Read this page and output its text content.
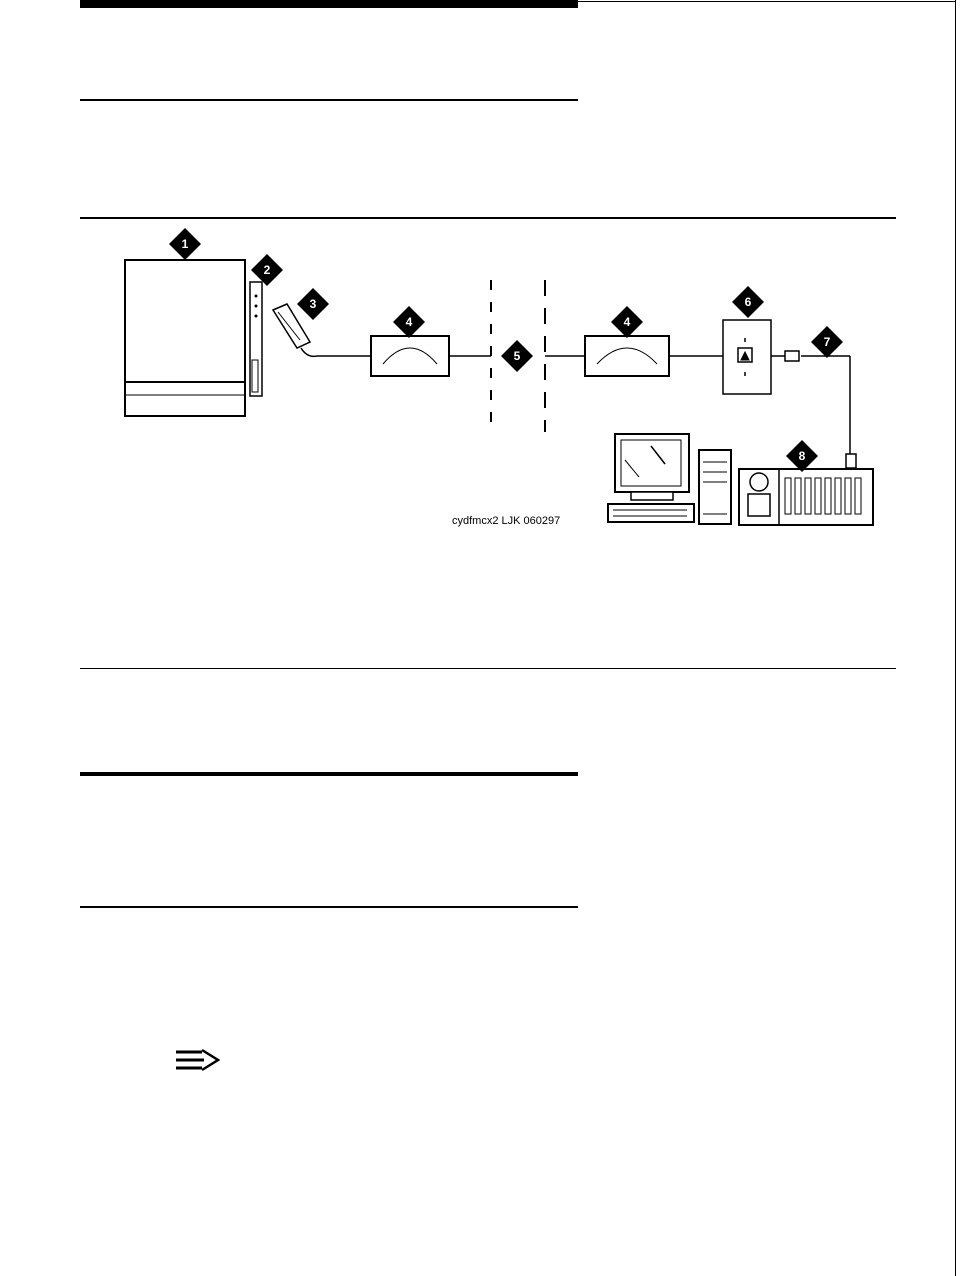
1
2
3
4
5
4
6
7
8
cydfmcx2 LJK 060297
